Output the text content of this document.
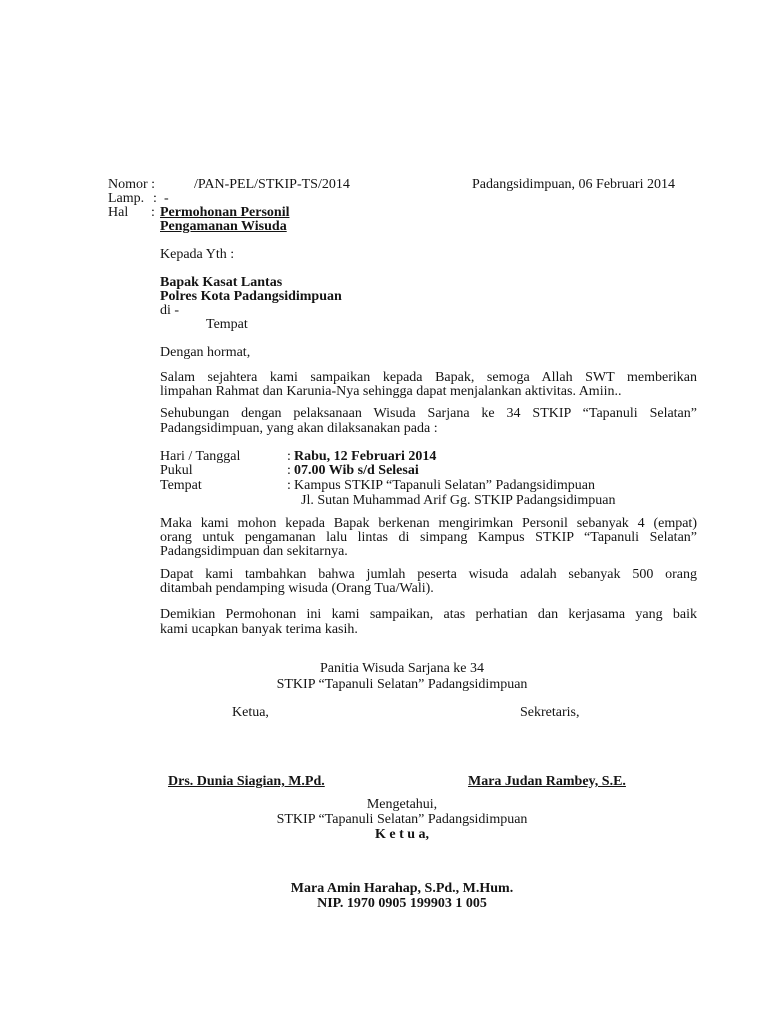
Nomor :	/PAN-PEL/STKIP-TS/2014	Padangsidimpuan, 06 Februari 2014
Lamp. : -
Hal : Permohonan Personil
Pengamanan Wisuda
Kepada Yth :
Bapak Kasat Lantas
Polres Kota Padangsidimpuan
di -
Tempat
Dengan hormat,
Salam sejahtera kami sampaikan kepada Bapak, semoga Allah SWT memberikan
limpahan Rahmat dan Karunia-Nya sehingga dapat menjalankan aktivitas. Amiin..
Sehubungan dengan pelaksanaan Wisuda Sarjana ke 34 STKIP “Tapanuli Selatan”
Padangsidimpuan, yang akan dilaksanakan pada :
Hari / Tanggal	: Rabu, 12 Februari 2014
Pukul	: 07.00 Wib s/d Selesai
Tempat	: Kampus STKIP “Tapanuli Selatan” Padangsidimpuan
Jl. Sutan Muhammad Arif Gg. STKIP Padangsidimpuan
Maka kami mohon kepada Bapak berkenan mengirimkan Personil sebanyak 4 (empat)
orang untuk pengamanan lalu lintas di simpang Kampus STKIP “Tapanuli Selatan”
Padangsidimpuan dan sekitarnya.
Dapat kami tambahkan bahwa jumlah peserta wisuda adalah sebanyak 500 orang
ditambah pendamping wisuda (Orang Tua/Wali).
Demikian Permohonan ini kami sampaikan, atas perhatian dan kerjasama yang baik
kami ucapkan banyak terima kasih.
Panitia Wisuda Sarjana ke 34
STKIP “Tapanuli Selatan” Padangsidimpuan
Ketua,	Sekretaris,
Drs. Dunia Siagian, M.Pd.	Mara Judan Rambey, S.E.
Mengetahui,
STKIP “Tapanuli Selatan” Padangsidimpuan
K e t u a,
Mara Amin Harahap, S.Pd., M.Hum.
NIP. 1970 0905 199903 1 005
